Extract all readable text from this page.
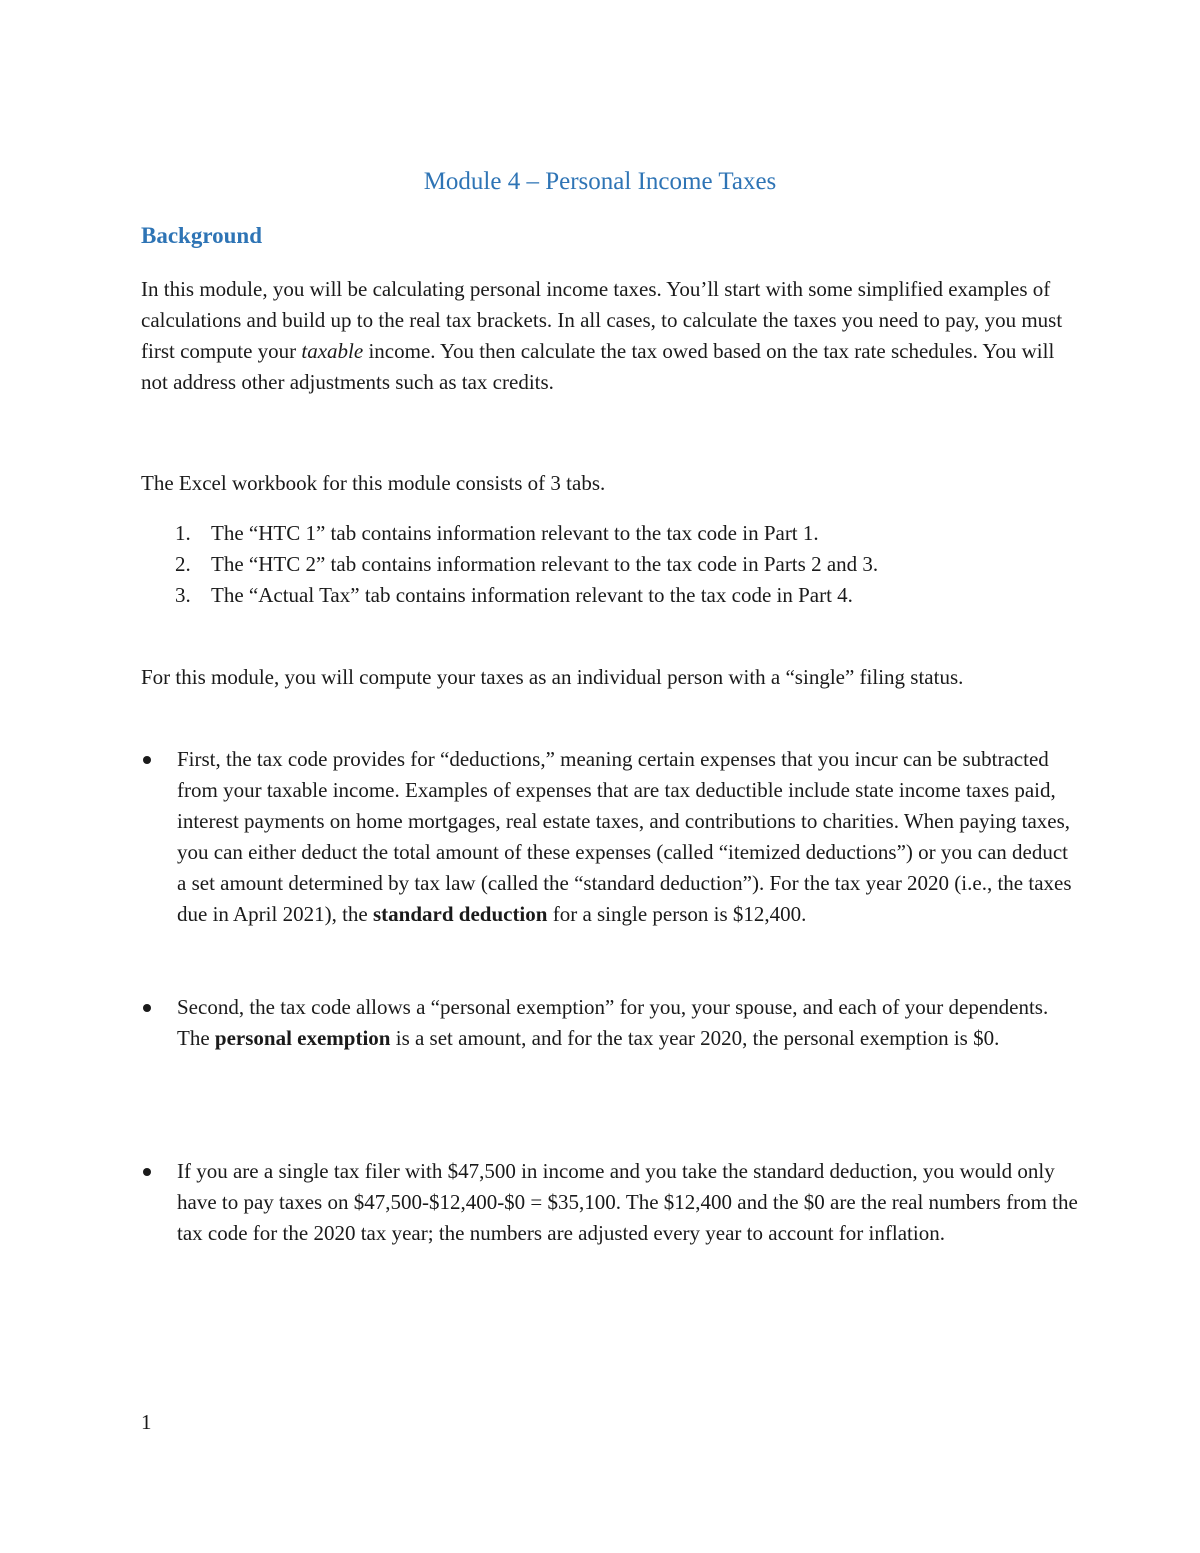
Module 4 – Personal Income Taxes
Background

In this module, you will be calculating personal income taxes. You’ll start with some simplified examples of calculations and build up to the real tax brackets. In all cases, to calculate the taxes you need to pay, you must first compute your taxable income. You then calculate the tax owed based on the tax rate schedules. You will not address other adjustments such as tax credits.

The Excel workbook for this module consists of 3 tabs.

1. The “HTC 1” tab contains information relevant to the tax code in Part 1.
2. The “HTC 2” tab contains information relevant to the tax code in Parts 2 and 3.
3. The “Actual Tax” tab contains information relevant to the tax code in Part 4.

For this module, you will compute your taxes as an individual person with a “single” filing status.

First, the tax code provides for “deductions,” meaning certain expenses that you incur can be subtracted from your taxable income. Examples of expenses that are tax deductible include state income taxes paid, interest payments on home mortgages, real estate taxes, and contributions to charities. When paying taxes, you can either deduct the total amount of these expenses (called “itemized deductions”) or you can deduct a set amount determined by tax law (called the “standard deduction”). For the tax year 2020 (i.e., the taxes due in April 2021), the standard deduction for a single person is $12,400.
Second, the tax code allows a “personal exemption” for you, your spouse, and each of your dependents. The personal exemption is a set amount, and for the tax year 2020, the personal exemption is $0.
If you are a single tax filer with $47,500 in income and you take the standard deduction, you would only have to pay taxes on $47,500-$12,400-$0 = $35,100. The $12,400 and the $0 are the real numbers from the tax code for the 2020 tax year; the numbers are adjusted every year to account for inflation.
1
